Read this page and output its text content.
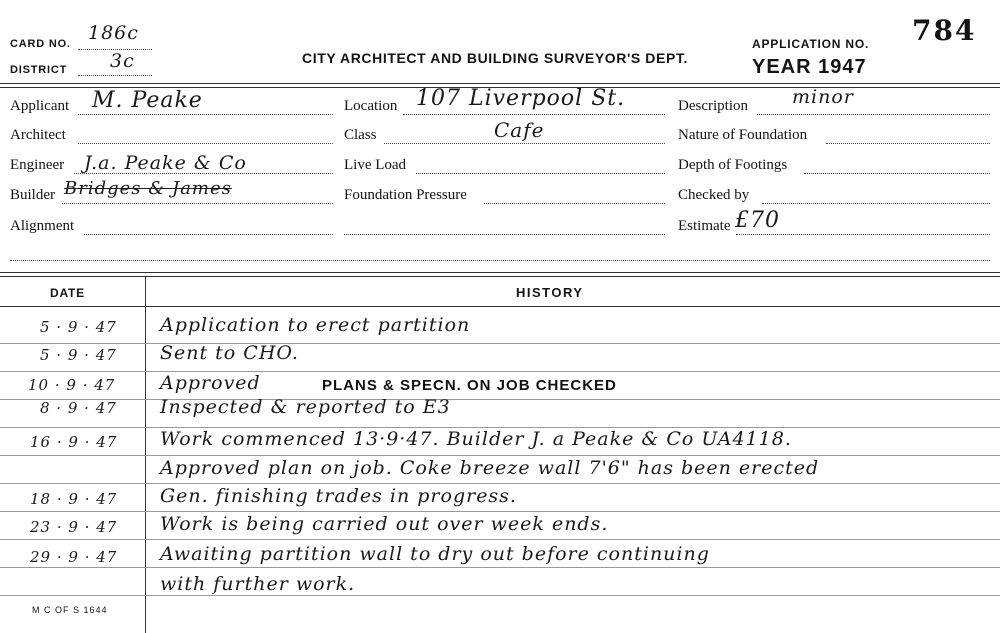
CARD NO. 186c
DISTRICT 3c	CITY ARCHITECT AND BUILDING SURVEYOR'S DEPT.
APPLICATION NO. 784
YEAR 1947
Applicant M. Peake
Architect
Engineer J.a. Peake & Co
Builder Bridges & James
Alignment
Location 107 Liverpool St.
Class	Cafe
Live Load
Foundation Pressure
Description minor
Nature of Foundation
Depth of Footings
Checked by
Estimate £70
DATE	HISTORY
5 · 9 · 47 Application to erect partition
5 · 9 · 47 Sent to CHO.
10 · 9 · 47 Approved	PLANS & SPECN. ON JOB CHECKED
8 · 9 · 47 Inspected & reported to E3
16 · 9 · 47 Work commenced 13·9·47. Builder J. a Peake & Co UA4118.
Approved plan on job. Coke breeze wall 7'6" has been erected
18 · 9 · 47 Gen. finishing trades in progress.
23 · 9 · 47 Work is being carried out over week ends.
29 · 9 · 47 Awaiting partition wall to dry out before continuing
with further work.
M C OF S 1644
